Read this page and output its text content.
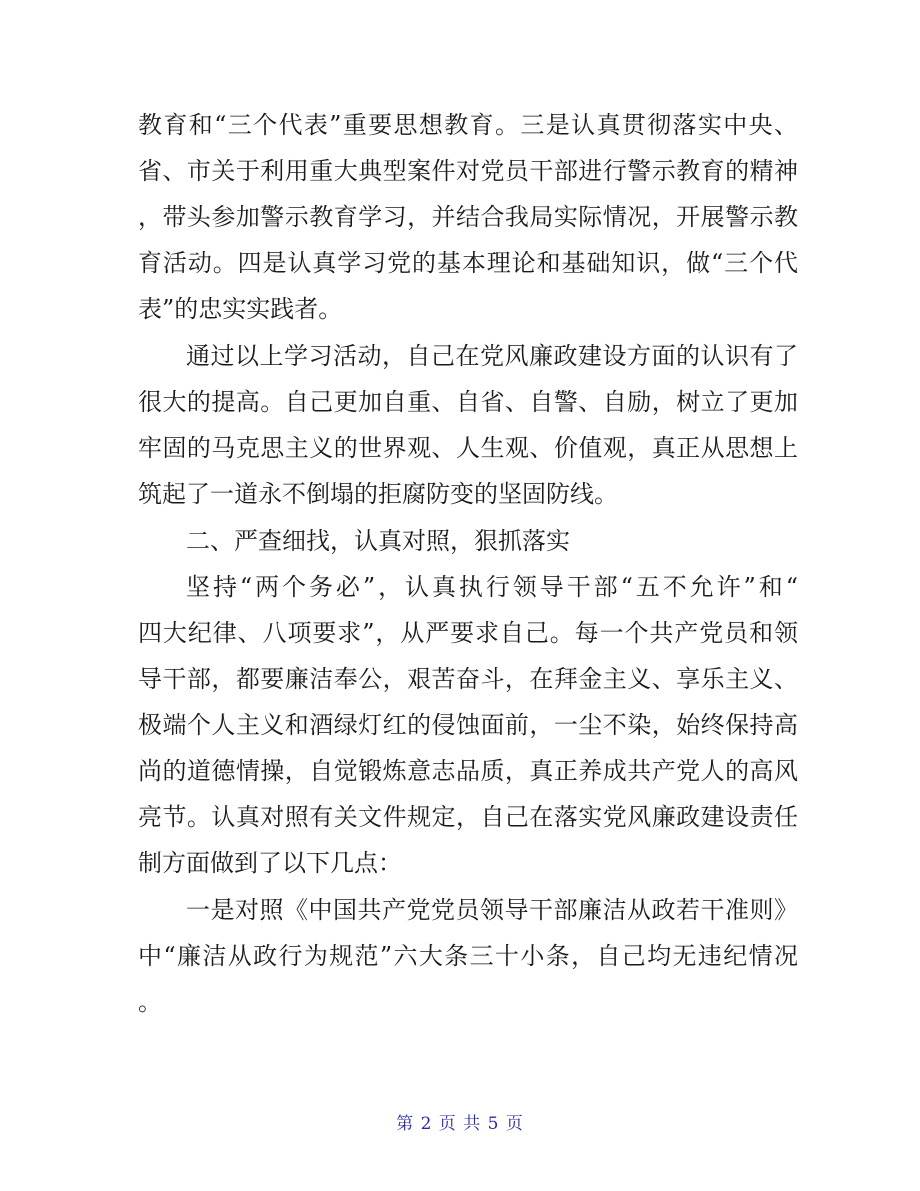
教育和“三个代表”重要思想教育。三是认真贯彻落实中央、
省、市关于利用重大典型案件对党员干部进行警示教育的精神
，带头参加警示教育学习，并结合我局实际情况，开展警示教
育活动。四是认真学习党的基本理论和基础知识，做“三个代
表”的忠实实践者。
通过以上学习活动，自己在党风廉政建设方面的认识有了
很大的提高。自己更加自重、自省、自警、自励，树立了更加
牢固的马克思主义的世界观、人生观、价值观，真正从思想上
筑起了一道永不倒塌的拒腐防变的坚固防线。
二、严查细找，认真对照，狠抓落实
坚持“两个务必”，认真执行领导干部“五不允许”和“
四大纪律、八项要求”，从严要求自己。每一个共产党员和领
导干部，都要廉洁奉公，艰苦奋斗，在拜金主义、享乐主义、
极端个人主义和酒绿灯红的侵蚀面前，一尘不染，始终保持高
尚的道德情操，自觉锻炼意志品质，真正养成共产党人的高风
亮节。认真对照有关文件规定，自己在落实党风廉政建设责任
制方面做到了以下几点：
一是对照《中国共产党党员领导干部廉洁从政若干准则》
中“廉洁从政行为规范”六大条三十小条，自己均无违纪情况
。
第 2 页 共 5 页
